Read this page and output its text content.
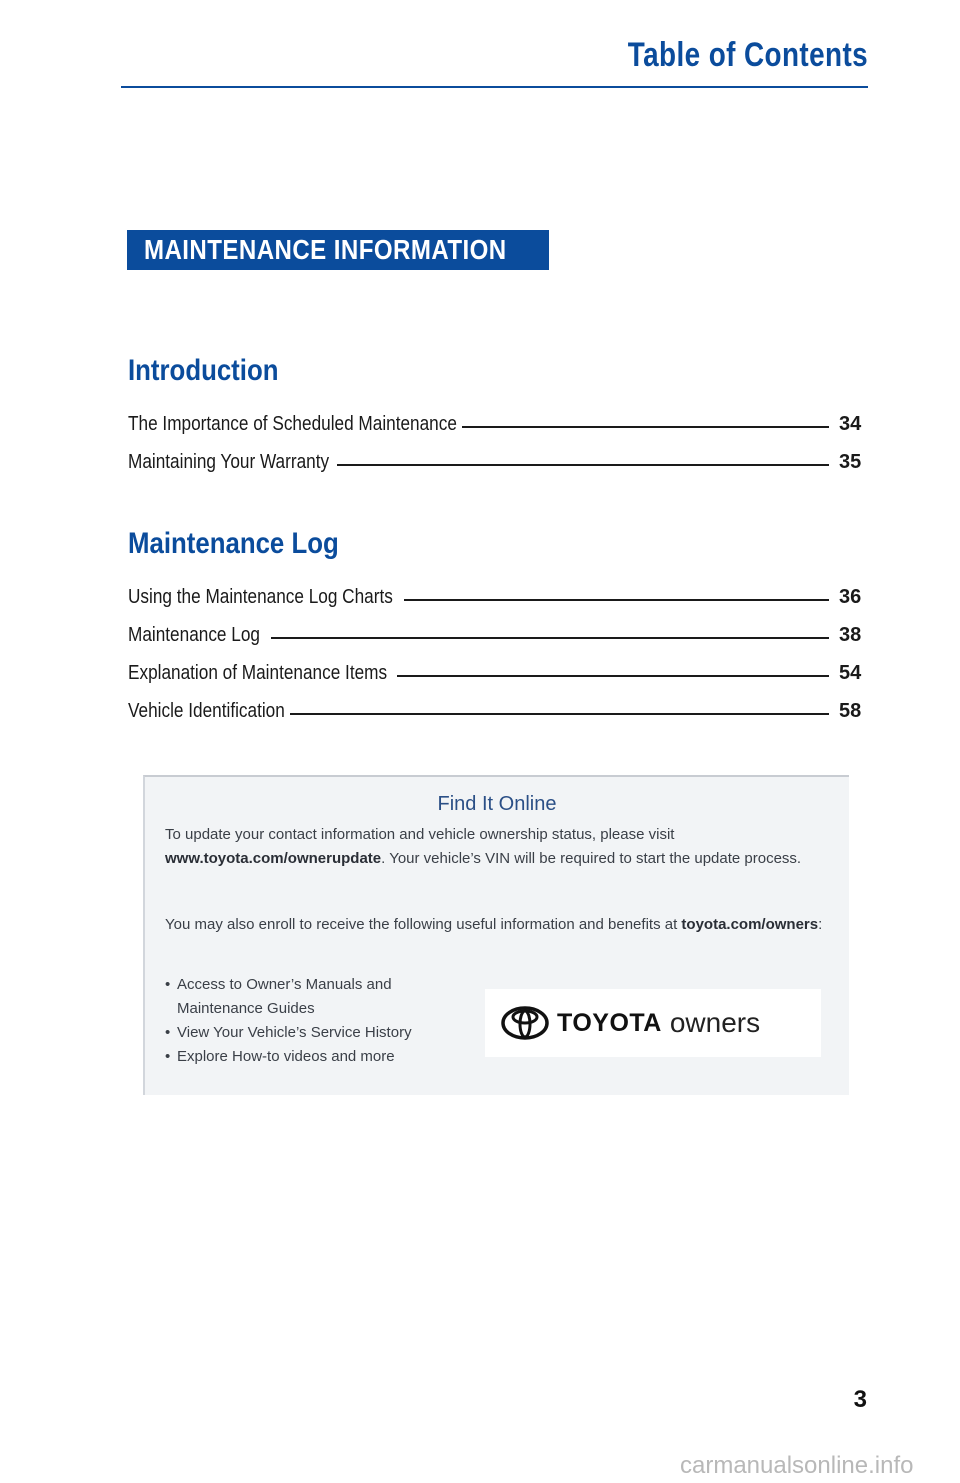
Table of Contents
MAINTENANCE INFORMATION
Introduction
The Importance of Scheduled Maintenance	34
Maintaining Your Warranty	35
Maintenance Log
Using the Maintenance Log Charts	36
Maintenance Log	38
Explanation of Maintenance Items	54
Vehicle Identification	58
Find It Online
To update your contact information and vehicle ownership status, please visit www.toyota.com/ownerupdate. Your vehicle’s VIN will be required to start the update process.
You may also enroll to receive the following useful information and benefits at toyota.com/owners:
• Access to Owner’s Manuals and Maintenance Guides
• View Your Vehicle’s Service History
• Explore How-to videos and more
TOYOTA owners
3
carmanualsonline.info
